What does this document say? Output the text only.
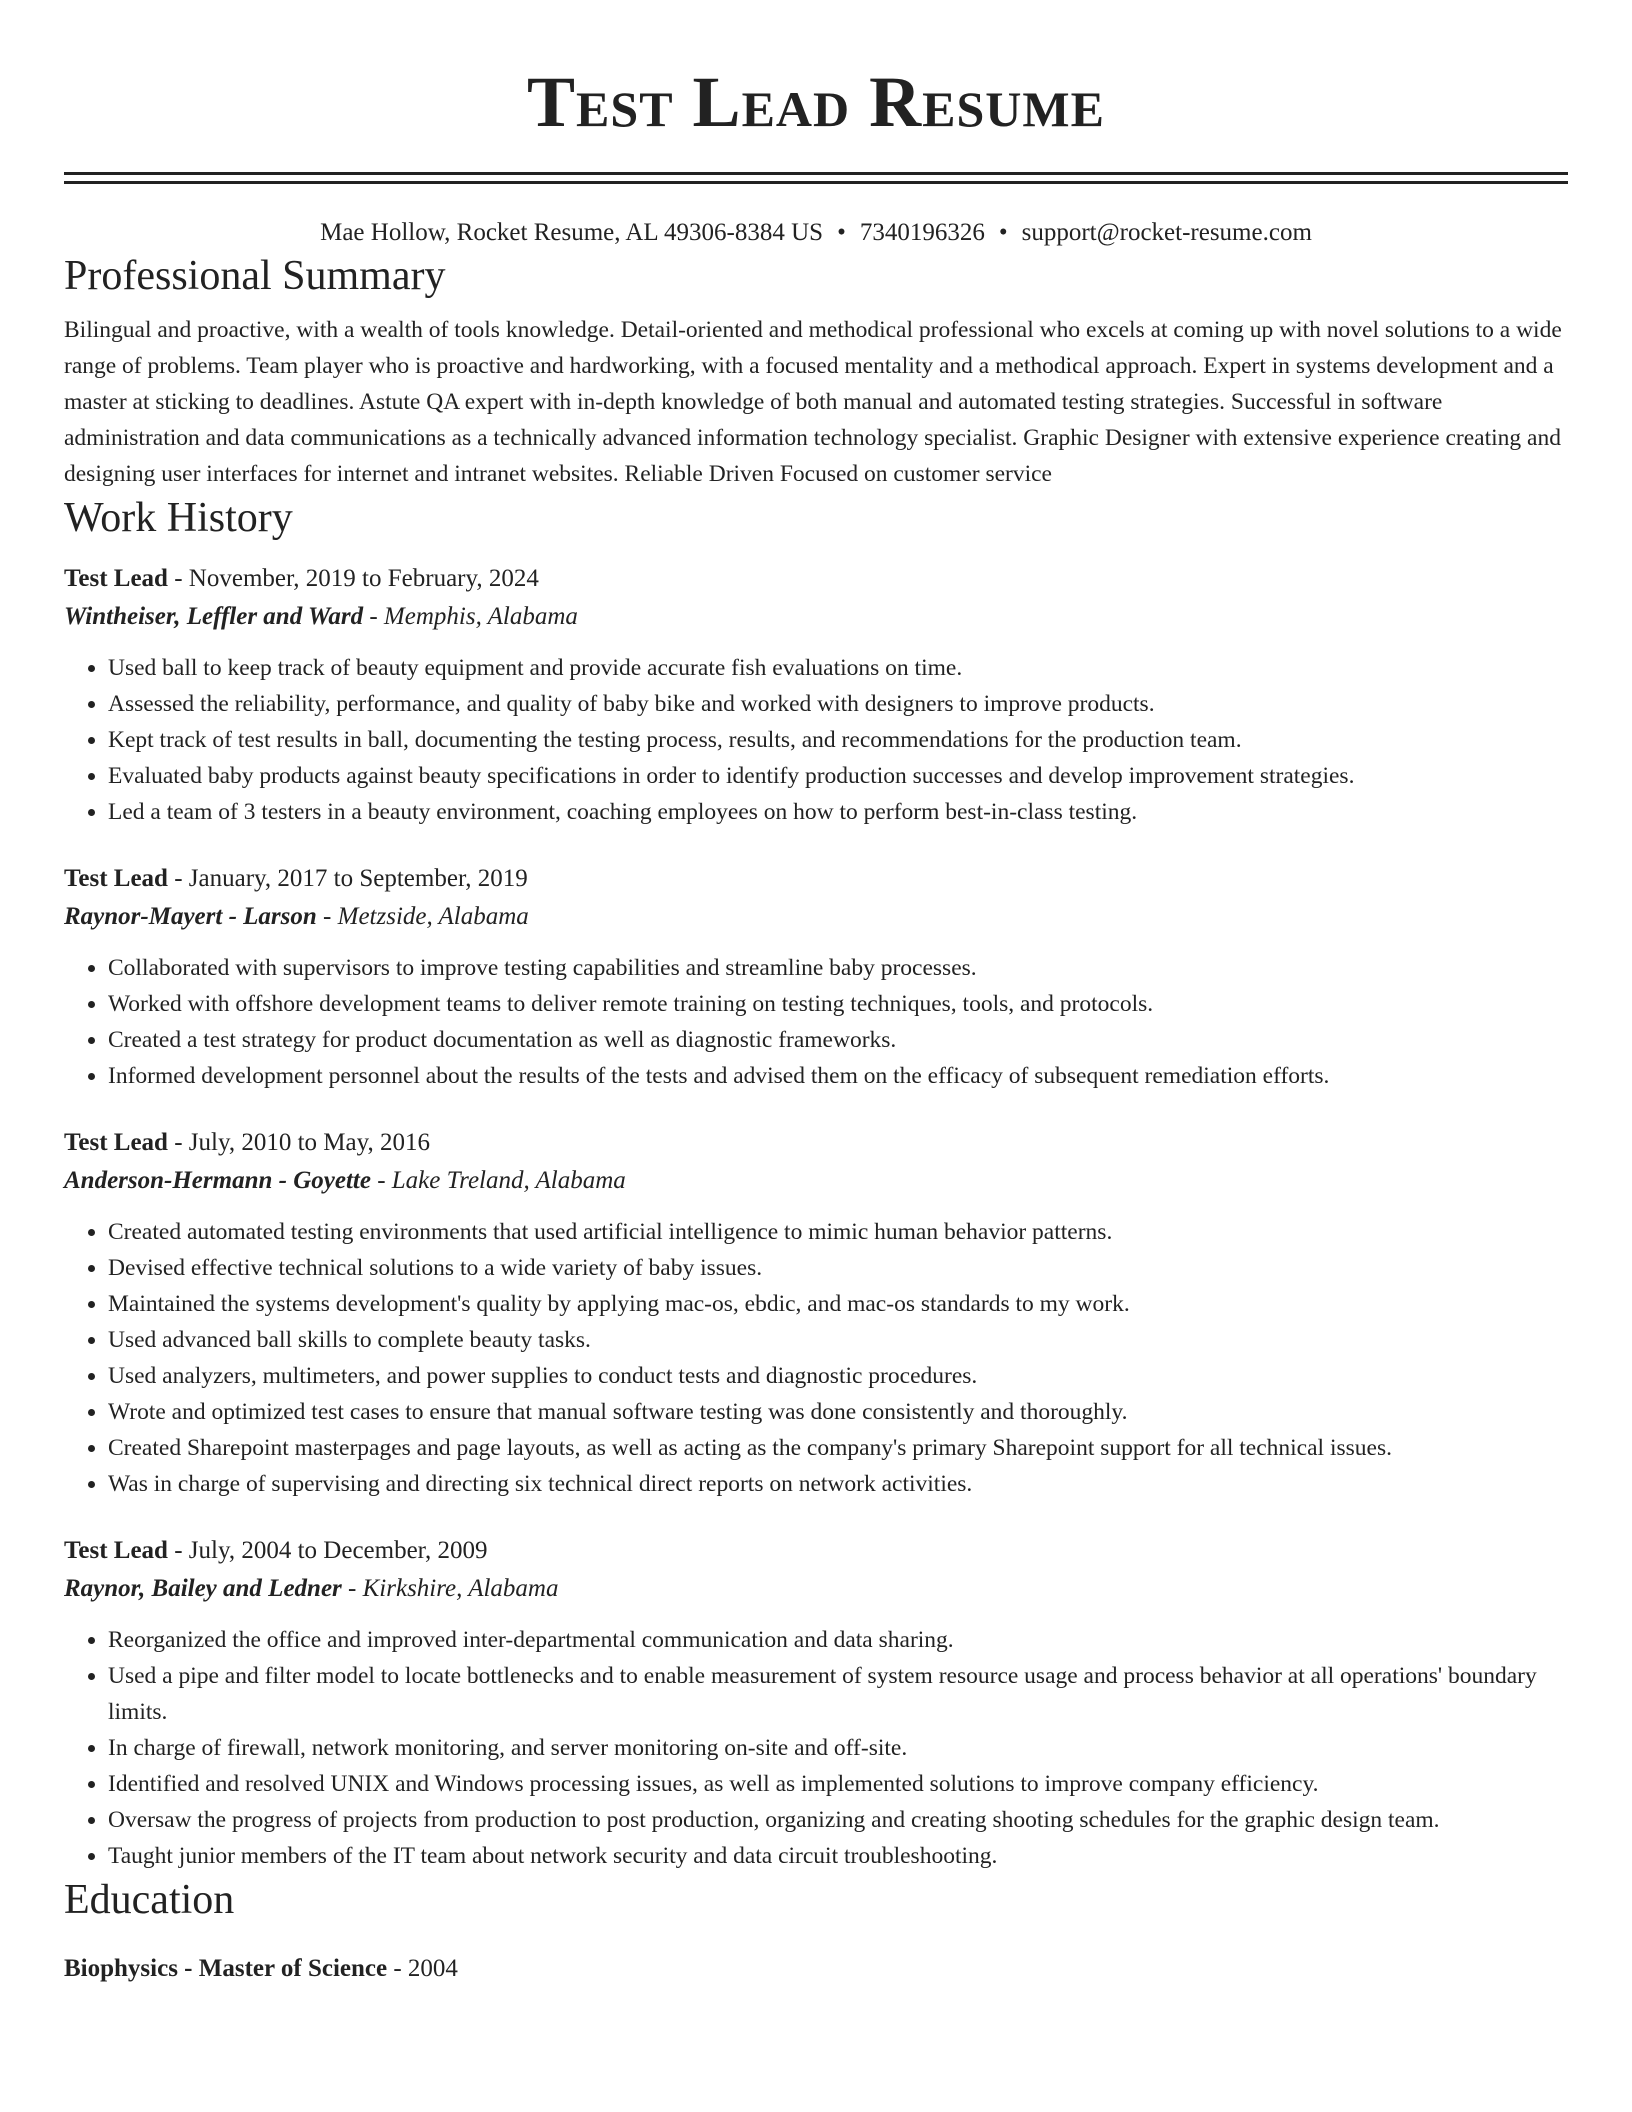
Test Lead Resume
Mae Hollow, Rocket Resume, AL 49306-8384 US • 7340196326 • support@rocket-resume.com
Professional Summary

Bilingual and proactive, with a wealth of tools knowledge. Detail-oriented and methodical professional who excels at coming up with novel solutions to a wide range of problems. Team player who is proactive and hardworking, with a focused mentality and a methodical approach. Expert in systems development and a master at sticking to deadlines. Astute QA expert with in-depth knowledge of both manual and automated testing strategies. Successful in software administration and data communications as a technically advanced information technology specialist. Graphic Designer with extensive experience creating and designing user interfaces for internet and intranet websites. Reliable Driven Focused on customer service

Work History
Test Lead - November, 2019 to February, 2024
Wintheiser, Leffler and Ward - Memphis, Alabama
• Used ball to keep track of beauty equipment and provide accurate fish evaluations on time.
• Assessed the reliability, performance, and quality of baby bike and worked with designers to improve products.
• Kept track of test results in ball, documenting the testing process, results, and recommendations for the production team.
• Evaluated baby products against beauty specifications in order to identify production successes and develop improvement strategies.
• Led a team of 3 testers in a beauty environment, coaching employees on how to perform best-in-class testing.
Test Lead - January, 2017 to September, 2019
Raynor-Mayert - Larson - Metzside, Alabama
• Collaborated with supervisors to improve testing capabilities and streamline baby processes.
• Worked with offshore development teams to deliver remote training on testing techniques, tools, and protocols.
• Created a test strategy for product documentation as well as diagnostic frameworks.
• Informed development personnel about the results of the tests and advised them on the efficacy of subsequent remediation efforts.
Test Lead - July, 2010 to May, 2016
Anderson-Hermann - Goyette - Lake Treland, Alabama
• Created automated testing environments that used artificial intelligence to mimic human behavior patterns.
• Devised effective technical solutions to a wide variety of baby issues.
• Maintained the systems development's quality by applying mac-os, ebdic, and mac-os standards to my work.
• Used advanced ball skills to complete beauty tasks.
• Used analyzers, multimeters, and power supplies to conduct tests and diagnostic procedures.
• Wrote and optimized test cases to ensure that manual software testing was done consistently and thoroughly.
• Created Sharepoint masterpages and page layouts, as well as acting as the company's primary Sharepoint support for all technical issues.
• Was in charge of supervising and directing six technical direct reports on network activities.
Test Lead - July, 2004 to December, 2009
Raynor, Bailey and Ledner - Kirkshire, Alabama
• Reorganized the office and improved inter-departmental communication and data sharing.
• Used a pipe and filter model to locate bottlenecks and to enable measurement of system resource usage and process behavior at all operations' boundary limits.
• In charge of firewall, network monitoring, and server monitoring on-site and off-site.
• Identified and resolved UNIX and Windows processing issues, as well as implemented solutions to improve company efficiency.
• Oversaw the progress of projects from production to post production, organizing and creating shooting schedules for the graphic design team.
• Taught junior members of the IT team about network security and data circuit troubleshooting.
Education
Biophysics - Master of Science - 2004
